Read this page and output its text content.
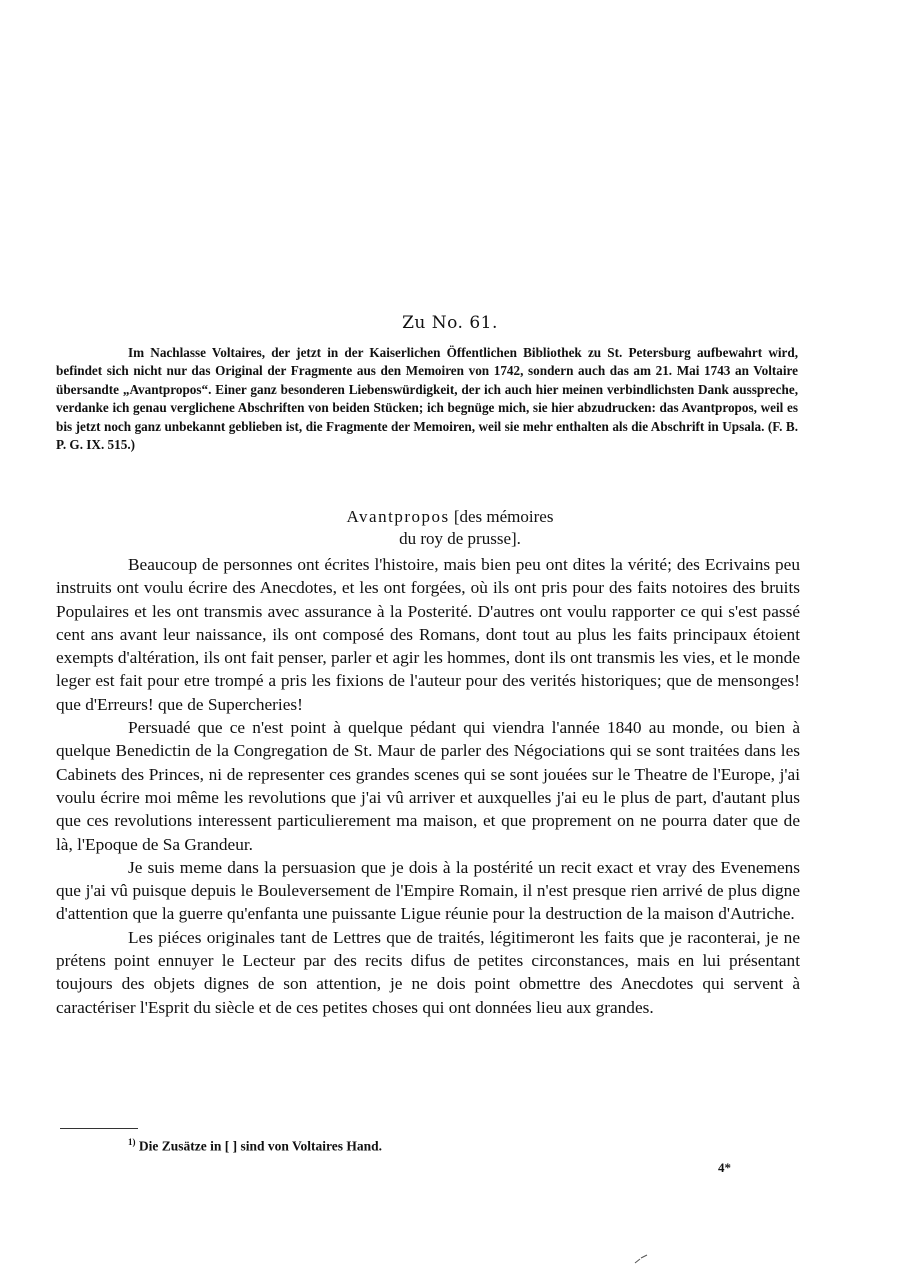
Zu No. 61.

Im Nachlasse Voltaires, der jetzt in der Kaiserlichen Öffentlichen Bibliothek zu St. Petersburg aufbewahrt wird, befindet sich nicht nur das Original der Fragmente aus den Memoiren von 1742, sondern auch das am 21. Mai 1743 an Voltaire übersandte „Avantpropos“. Einer ganz besonderen Liebenswürdigkeit, der ich auch hier meinen verbindlichsten Dank ausspreche, verdanke ich genau verglichene Abschriften von beiden Stücken; ich begnüge mich, sie hier abzudrucken: das Avantpropos, weil es bis jetzt noch ganz unbekannt geblieben ist, die Fragmente der Memoiren, weil sie mehr enthalten als die Abschrift in Upsala. (F. B. P. G. IX. 515.)

Avantpropos [des mémoires
du roy de prusse].

Beaucoup de personnes ont écrites l'histoire, mais bien peu ont dites la vérité; des Ecrivains peu instruits ont voulu écrire des Anecdotes, et les ont forgées, où ils ont pris pour des faits notoires des bruits Populaires et les ont transmis avec assurance à la Posterité. D'autres ont voulu rapporter ce qui s'est passé cent ans avant leur naissance, ils ont composé des Romans, dont tout au plus les faits principaux étoient exempts d'altération, ils ont fait penser, parler et agir les hommes, dont ils ont transmis les vies, et le monde leger est fait pour etre trompé a pris les fixions de l'auteur pour des verités historiques; que de mensonges! que d'Erreurs! que de Supercheries!

Persuadé que ce n'est point à quelque pédant qui viendra l'année 1840 au monde, ou bien à quelque Benedictin de la Congregation de St. Maur de parler des Négociations qui se sont traitées dans les Cabinets des Princes, ni de representer ces grandes scenes qui se sont jouées sur le Theatre de l'Europe, j'ai voulu écrire moi même les revolutions que j'ai vû arriver et auxquelles j'ai eu le plus de part, d'autant plus que ces revolutions interessent particulierement ma maison, et que proprement on ne pourra dater que de là, l'Epoque de Sa Grandeur.

Je suis meme dans la persuasion que je dois à la postérité un recit exact et vray des Evenemens que j'ai vû puisque depuis le Bouleversement de l'Empire Romain, il n'est presque rien arrivé de plus digne d'attention que la guerre qu'enfanta une puissante Ligue réunie pour la destruction de la maison d'Autriche.

Les piéces originales tant de Lettres que de traités, légitimeront les faits que je raconterai, je ne prétens point ennuyer le Lecteur par des recits difus de petites circonstances, mais en lui présentant toujours des objets dignes de son attention, je ne dois point obmettre des Anecdotes qui servent à caractériser l'Esprit du siècle et de ces petites choses qui ont données lieu aux grandes.

$^{1)}$ Die Zusätze in [ ] sind von Voltaires Hand.
4*
